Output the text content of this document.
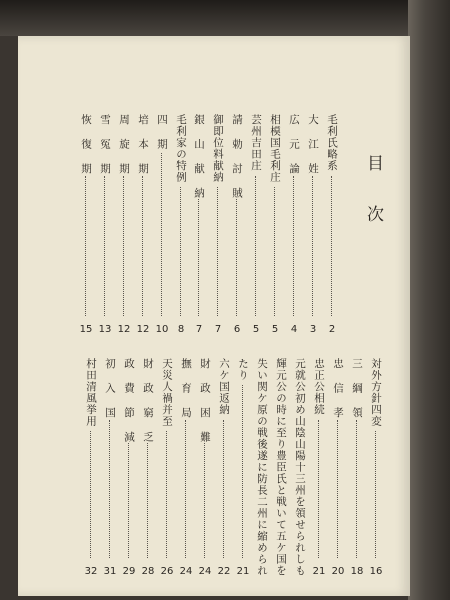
目次
毛利氏略系
2
大 江 姓
3
広 元 論
4
相模国毛利庄
5
芸州吉田庄
5
請 勅 討 賊
6
御即位料献納
7
銀 山 献 納
7
毛利家の特例
8
四 期
10
培 本 期
12
周 旋 期
12
雪 冤 期
13
恢 復 期
15
対外方針四変
16
三 綱 領
18
忠 信 孝
20
忠正公相続
21
元就公初め山陰山陽十三州を領せられしも
輝元公の時に至り豊臣氏と戦いて五ケ国を
失い関ケ原の戦後遂に防長二州に縮められ
たり
21
六ケ国返納
22
財 政 困 難
24
撫 育 局
24
天災人禍并至
26
財 政 窮 乏
28
政 費 節 減
29
初 入 国
31
村田清風挙用
32
